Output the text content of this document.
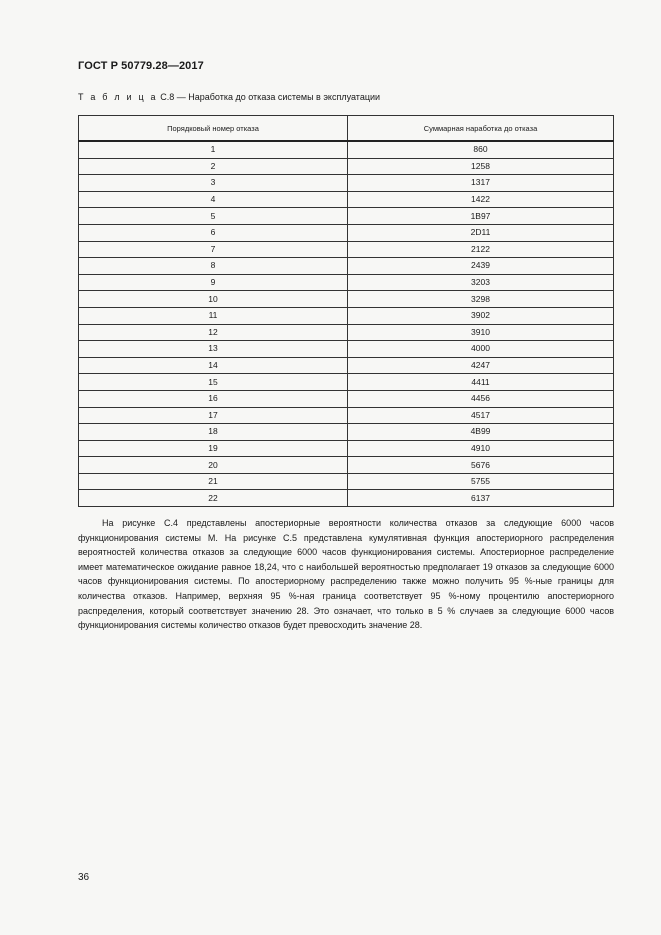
ГОСТ Р 50779.28—2017
Т а б л и ц а С.8 — Наработка до отказа системы в эксплуатации
Порядковый номер отказа	Суммарная наработка до отказа
1	860
2	1258
3	1317
4	1422
5	1B97
6	2D11
7	2122
8	2439
9	3203
10	3298
11	3902
12	3910
13	4000
14	4247
15	4411
16	4456
17	4517
18	4B99
19	4910
20	5676
21	5755
22	6137

На рисунке С.4 представлены апостериорные вероятности количества отказов за следующие 6000 часов функционирования системы М. На рисунке С.5 представлена кумулятивная функция апостериорного распределения вероятностей количества отказов за следующие 6000 часов функционирования системы. Апостериорное распределение имеет математическое ожидание равное 18,24, что с наибольшей вероятностью предполагает 19 отказов за следующие 6000 часов функционирования системы. По апостериорному распределению также можно получить 95 %-ные границы для количества отказов. Например, верхняя 95 %-ная граница соответствует 95 %-ному процентилю апостериорного распределения, который соответствует значению 28. Это означает, что только в 5 % случаев за следующие 6000 часов функционирования системы количество отказов будет превосходить значение 28.

36
